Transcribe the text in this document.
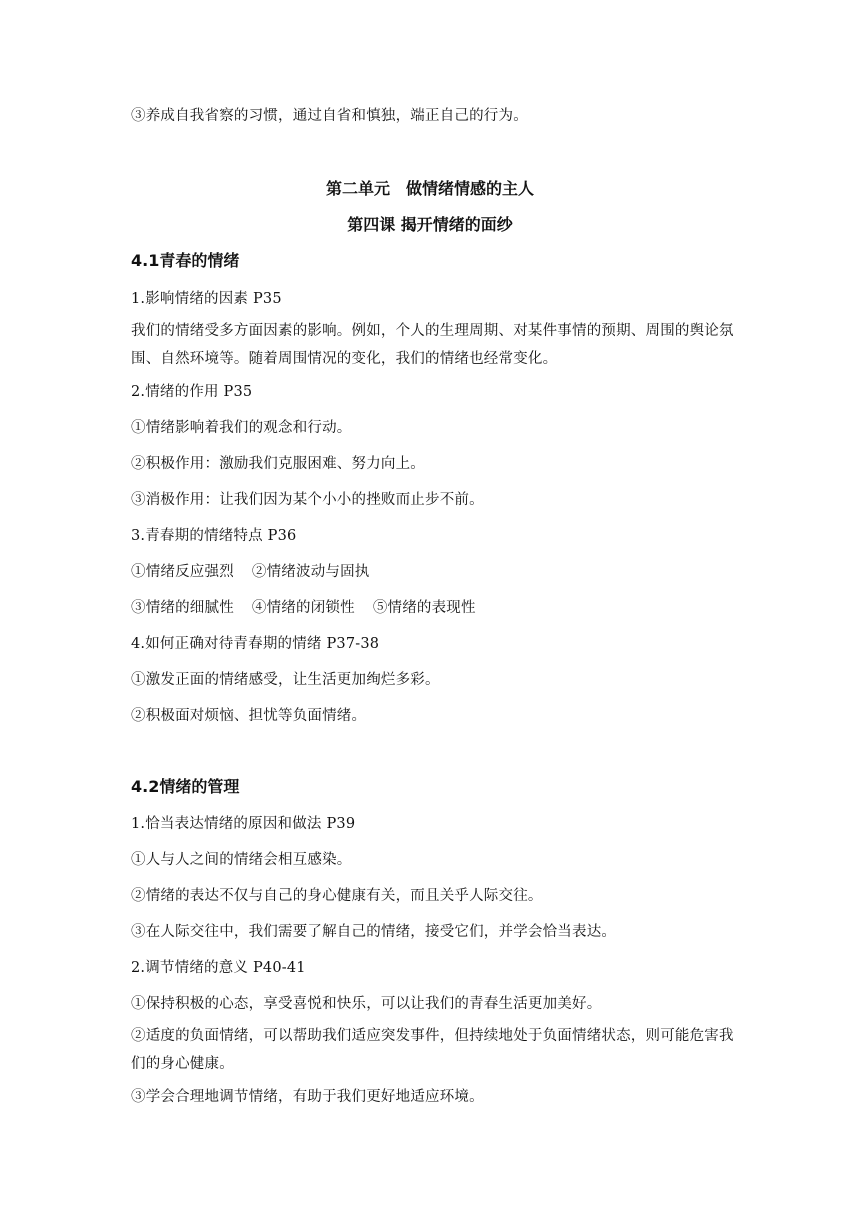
③养成自我省察的习惯，通过自省和慎独，端正自己的行为。
第二单元　做情绪情感的主人
第四课 揭开情绪的面纱
4.1青春的情绪
1.影响情绪的因素 P35
我们的情绪受多方面因素的影响。例如，个人的生理周期、对某件事情的预期、周围的舆论氛围、自然环境等。随着周围情况的变化，我们的情绪也经常变化。
2.情绪的作用 P35
①情绪影响着我们的观念和行动。
②积极作用：激励我们克服困难、努力向上。
③消极作用：让我们因为某个小小的挫败而止步不前。
3.青春期的情绪特点 P36
①情绪反应强烈 ②情绪波动与固执
③情绪的细腻性 ④情绪的闭锁性 ⑤情绪的表现性
4.如何正确对待青春期的情绪 P37-38
①激发正面的情绪感受，让生活更加绚烂多彩。
②积极面对烦恼、担忧等负面情绪。
4.2情绪的管理
1.恰当表达情绪的原因和做法 P39
①人与人之间的情绪会相互感染。
②情绪的表达不仅与自己的身心健康有关，而且关乎人际交往。
③在人际交往中，我们需要了解自己的情绪，接受它们，并学会恰当表达。
2.调节情绪的意义 P40-41
①保持积极的心态，享受喜悦和快乐，可以让我们的青春生活更加美好。
②适度的负面情绪，可以帮助我们适应突发事件，但持续地处于负面情绪状态，则可能危害我们的身心健康。
③学会合理地调节情绪，有助于我们更好地适应环境。
